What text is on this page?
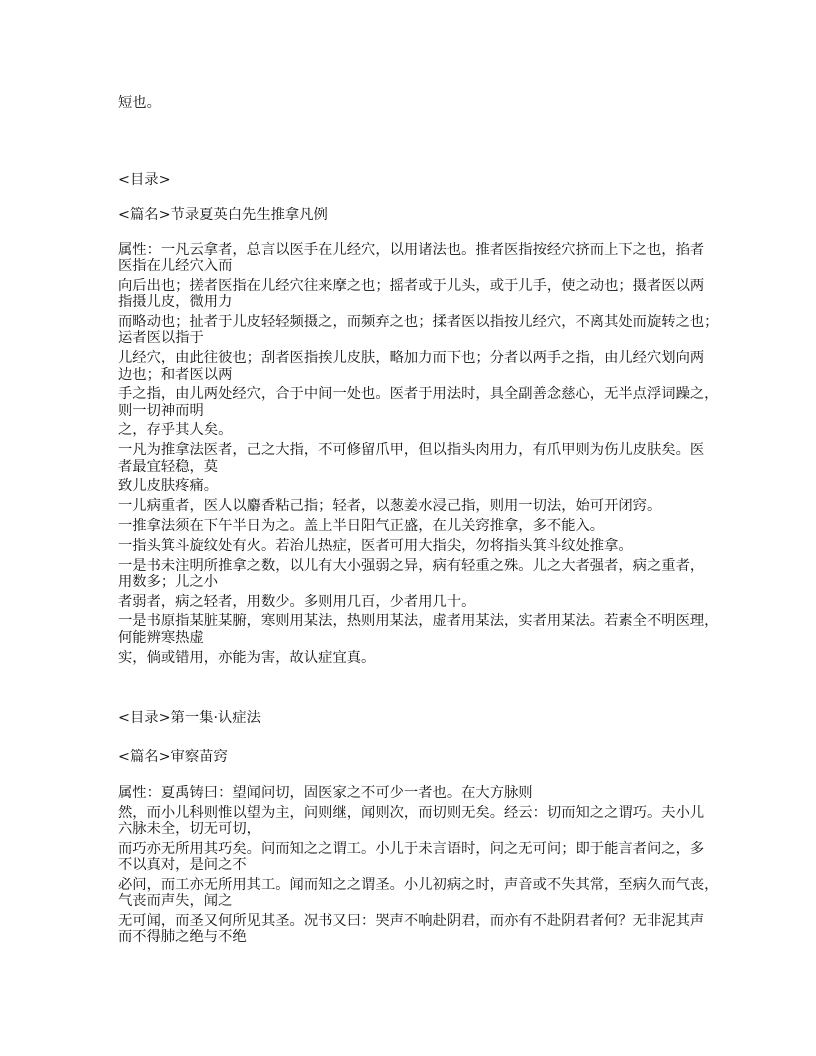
短也。
<目录>
<篇名>节录夏英白先生推拿凡例
属性：一凡云拿者，总言以医手在儿经穴，以用诸法也。推者医指按经穴挤而上下之也，掐者
医指在儿经穴入而
向后出也；搓者医指在儿经穴往来摩之也；摇者或于儿头，或于儿手，使之动也；摄者医以两
指摄儿皮，微用力
而略动也；扯者于儿皮轻轻频摄之，而频弃之也；揉者医以指按儿经穴，不离其处而旋转之也；
运者医以指于
儿经穴，由此往彼也；刮者医指挨儿皮肤，略加力而下也；分者以两手之指，由儿经穴划向两
边也；和者医以两
手之指，由儿两处经穴，合于中间一处也。医者于用法时，具全副善念慈心，无半点浮词躁之，
则一切神而明
之，存乎其人矣。
一凡为推拿法医者，己之大指，不可修留爪甲，但以指头肉用力，有爪甲则为伤儿皮肤矣。医
者最宜轻稳，莫
致儿皮肤疼痛。
一儿病重者，医人以麝香粘己指；轻者，以葱姜水浸己指，则用一切法，始可开闭窍。
一推拿法须在下午半日为之。盖上半日阳气正盛，在儿关窍推拿，多不能入。
一指头箕斗旋纹处有火。若治儿热症，医者可用大指尖，勿将指头箕斗纹处推拿。
一是书未注明所推拿之数，以儿有大小强弱之异，病有轻重之殊。儿之大者强者，病之重者，
用数多；儿之小
者弱者，病之轻者，用数少。多则用几百，少者用几十。
一是书原指某脏某腑，寒则用某法，热则用某法，虚者用某法，实者用某法。若素全不明医理，
何能辨寒热虚
实，倘或错用，亦能为害，故认症宜真。
<目录>第一集·认症法
<篇名>审察苗窍
属性：夏禹铸曰：望闻问切，固医家之不可少一者也。在大方脉则
然，而小儿科则惟以望为主，问则继，闻则次，而切则无矣。经云：切而知之之谓巧。夫小儿
六脉未全，切无可切，
而巧亦无所用其巧矣。问而知之之谓工。小儿于未言语时，问之无可问；即于能言者问之，多
不以真对，是问之不
必问，而工亦无所用其工。闻而知之之谓圣。小儿初病之时，声音或不失其常，至病久而气丧，
气丧而声失，闻之
无可闻，而圣又何所见其圣。况书又曰：哭声不响赴阴君，而亦有不赴阴君者何？无非泥其声
而不得肺之绝与不绝
